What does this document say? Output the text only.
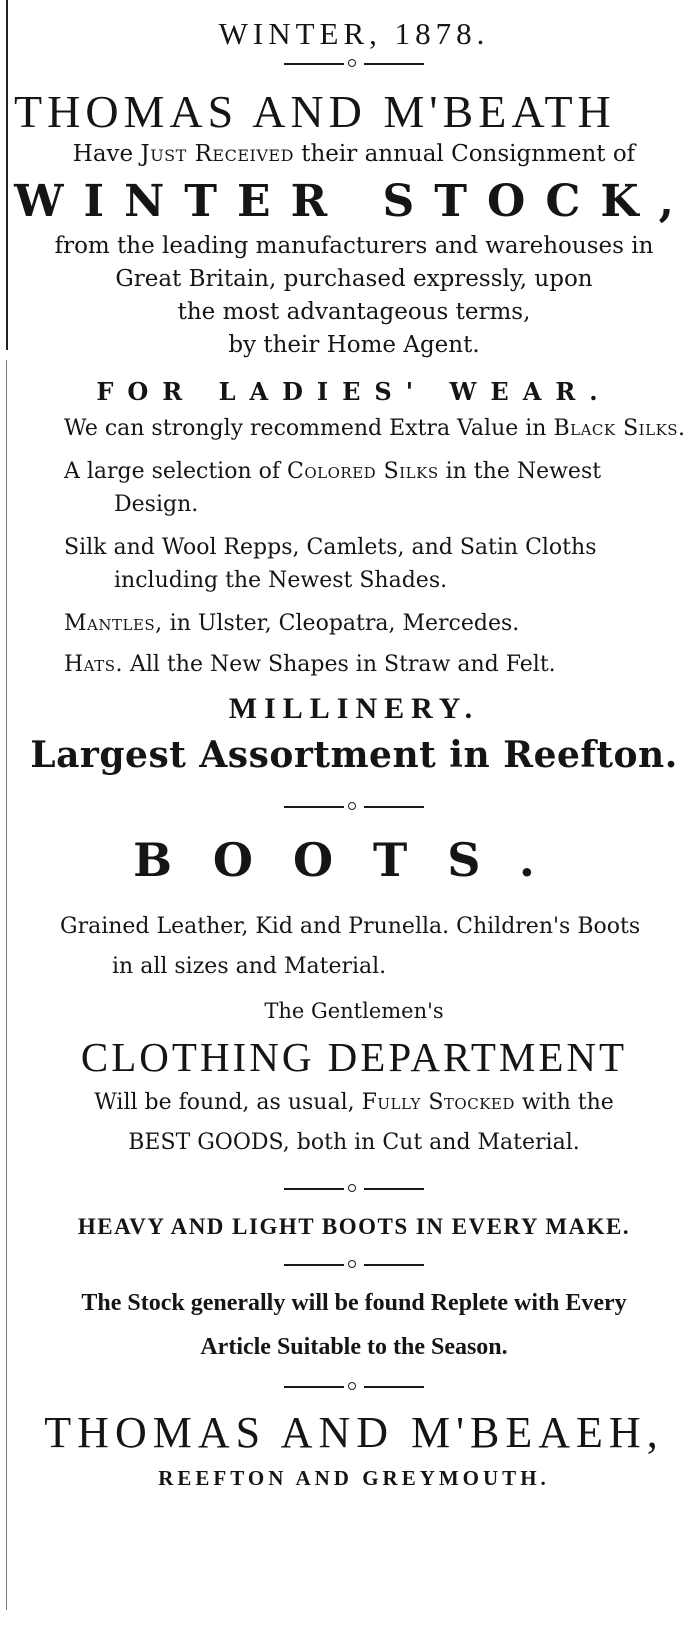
WINTER, 1878.
THOMAS AND M'BEATH
Have Just Received their annual Consignment of
WINTER STOCK,
from the leading manufacturers and warehouses in
Great Britain, purchased expressly, upon
the most advantageous terms,
by their Home Agent.
FOR LADIES' WEAR.
We can strongly recommend Extra Value in Black Silks.
A large selection of Colored Silks in the Newest Design.
Silk and Wool Repps, Camlets, and Satin Cloths including the Newest Shades.
Mantles, in Ulster, Cleopatra, Mercedes.
Hats. All the New Shapes in Straw and Felt.
MILLINERY.
Largest Assortment in Reefton.
BOOTS.
Grained Leather, Kid and Prunella. Children's Boots
in all sizes and Material.
The Gentlemen's
CLOTHING DEPARTMENT
Will be found, as usual, Fully Stocked with the
BEST GOODS, both in Cut and Material.
HEAVY AND LIGHT BOOTS IN EVERY MAKE.
The Stock generally will be found Replete with Every
Article Suitable to the Season.
THOMAS AND M'BEAEH,
REEFTON AND GREYMOUTH.
